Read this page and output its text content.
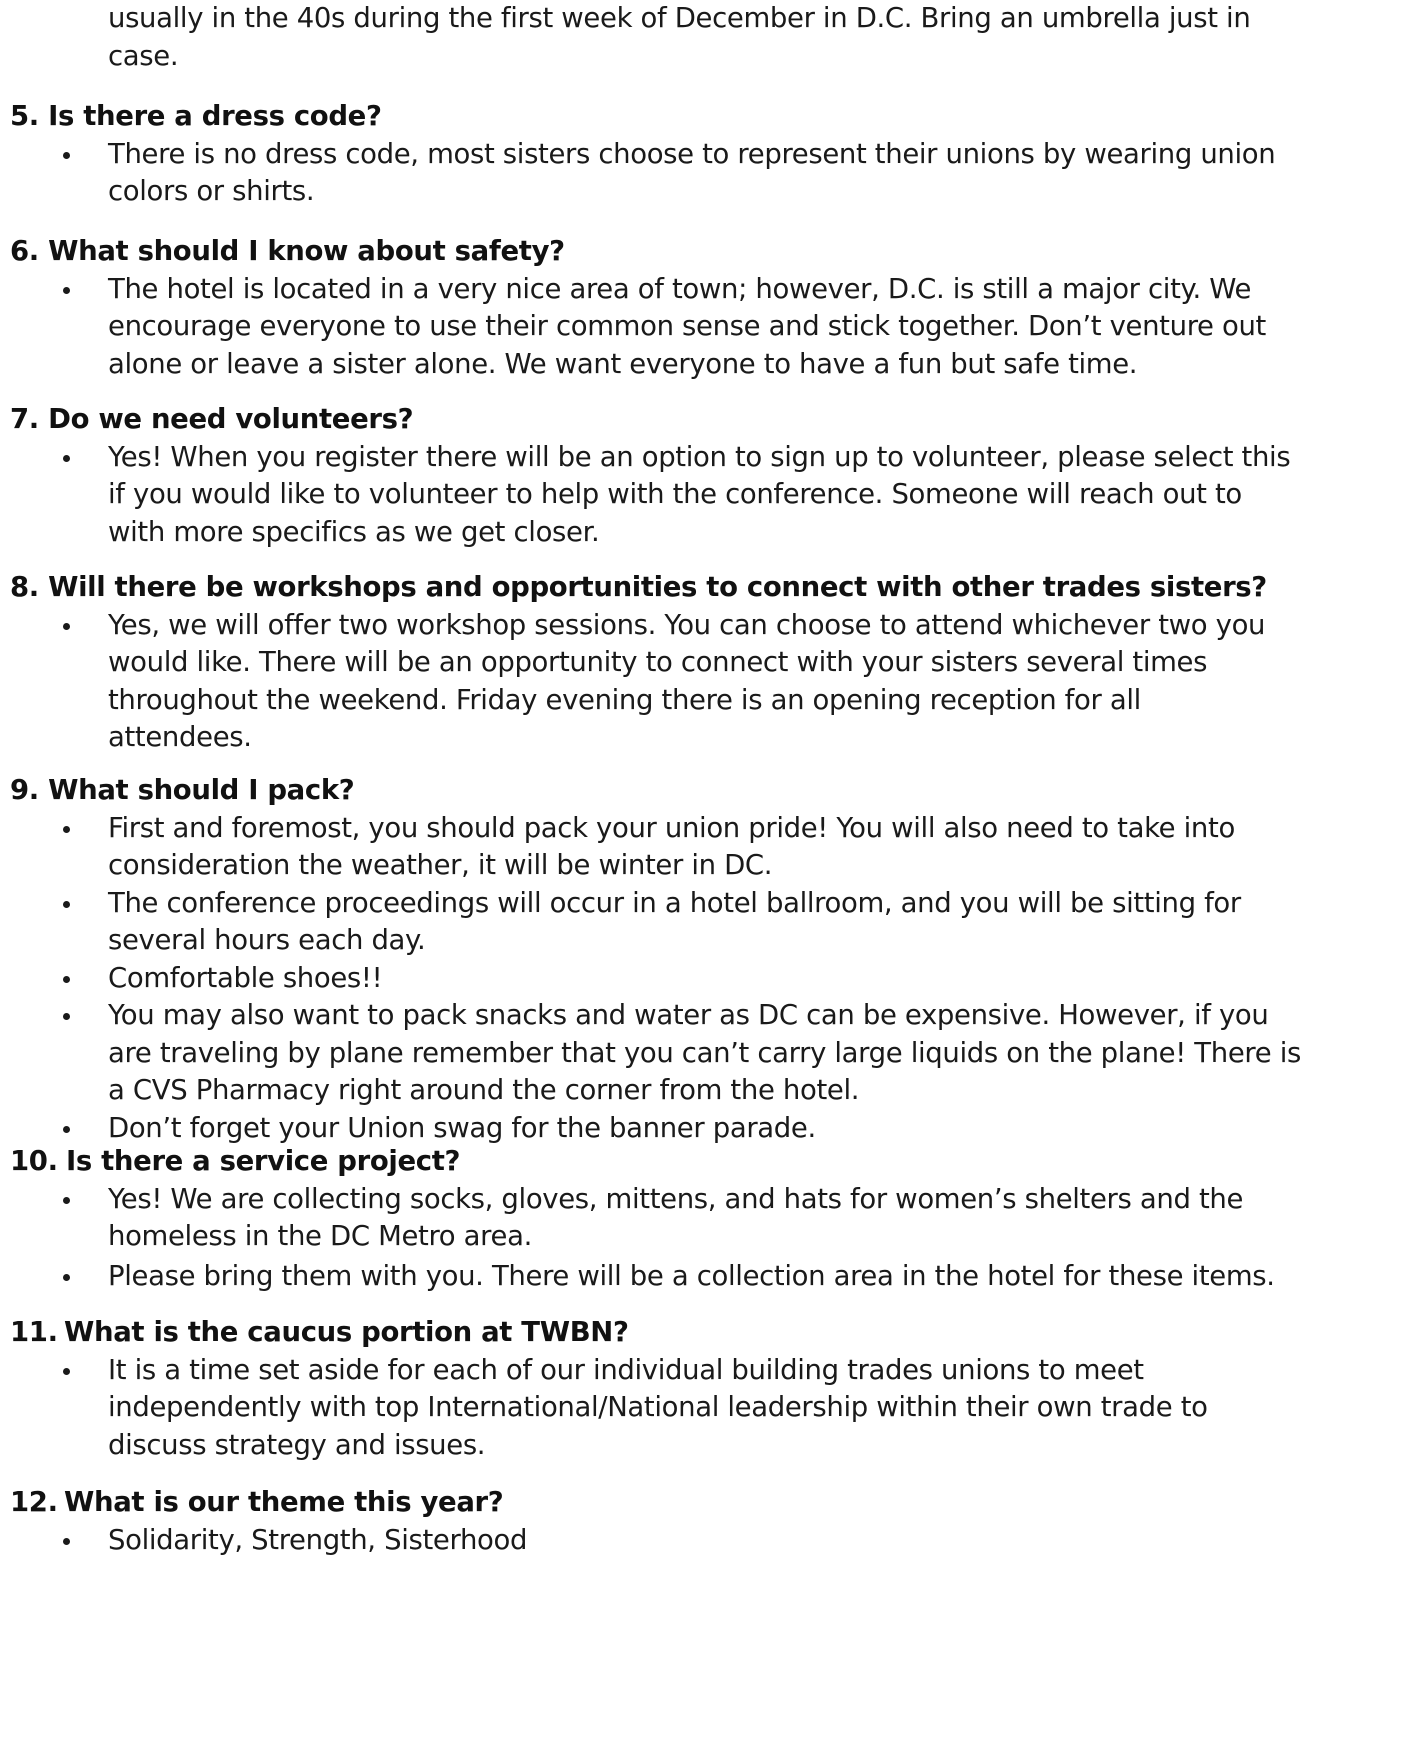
usually in the 40s during the first week of December in D.C. Bring an umbrella just in
case.
5. Is there a dress code?
There is no dress code, most sisters choose to represent their unions by wearing union
colors or shirts.
6. What should I know about safety?
The hotel is located in a very nice area of town; however, D.C. is still a major city. We
encourage everyone to use their common sense and stick together. Don’t venture out
alone or leave a sister alone. We want everyone to have a fun but safe time.
7. Do we need volunteers?
Yes! When you register there will be an option to sign up to volunteer, please select this
if you would like to volunteer to help with the conference. Someone will reach out to
with more specifics as we get closer.
8. Will there be workshops and opportunities to connect with other trades sisters?
Yes, we will offer two workshop sessions. You can choose to attend whichever two you
would like. There will be an opportunity to connect with your sisters several times
throughout the weekend. Friday evening there is an opening reception for all
attendees.
9. What should I pack?
First and foremost, you should pack your union pride! You will also need to take into
consideration the weather, it will be winter in DC.
The conference proceedings will occur in a hotel ballroom, and you will be sitting for
several hours each day.
Comfortable shoes!!
You may also want to pack snacks and water as DC can be expensive. However, if you
are traveling by plane remember that you can’t carry large liquids on the plane! There is
a CVS Pharmacy right around the corner from the hotel.
Don’t forget your Union swag for the banner parade.
10. Is there a service project?
Yes! We are collecting socks, gloves, mittens, and hats for women’s shelters and the
homeless in the DC Metro area.
Please bring them with you. There will be a collection area in the hotel for these items.
11. What is the caucus portion at TWBN?
It is a time set aside for each of our individual building trades unions to meet
independently with top International/National leadership within their own trade to
discuss strategy and issues.
12. What is our theme this year?
Solidarity, Strength, Sisterhood
